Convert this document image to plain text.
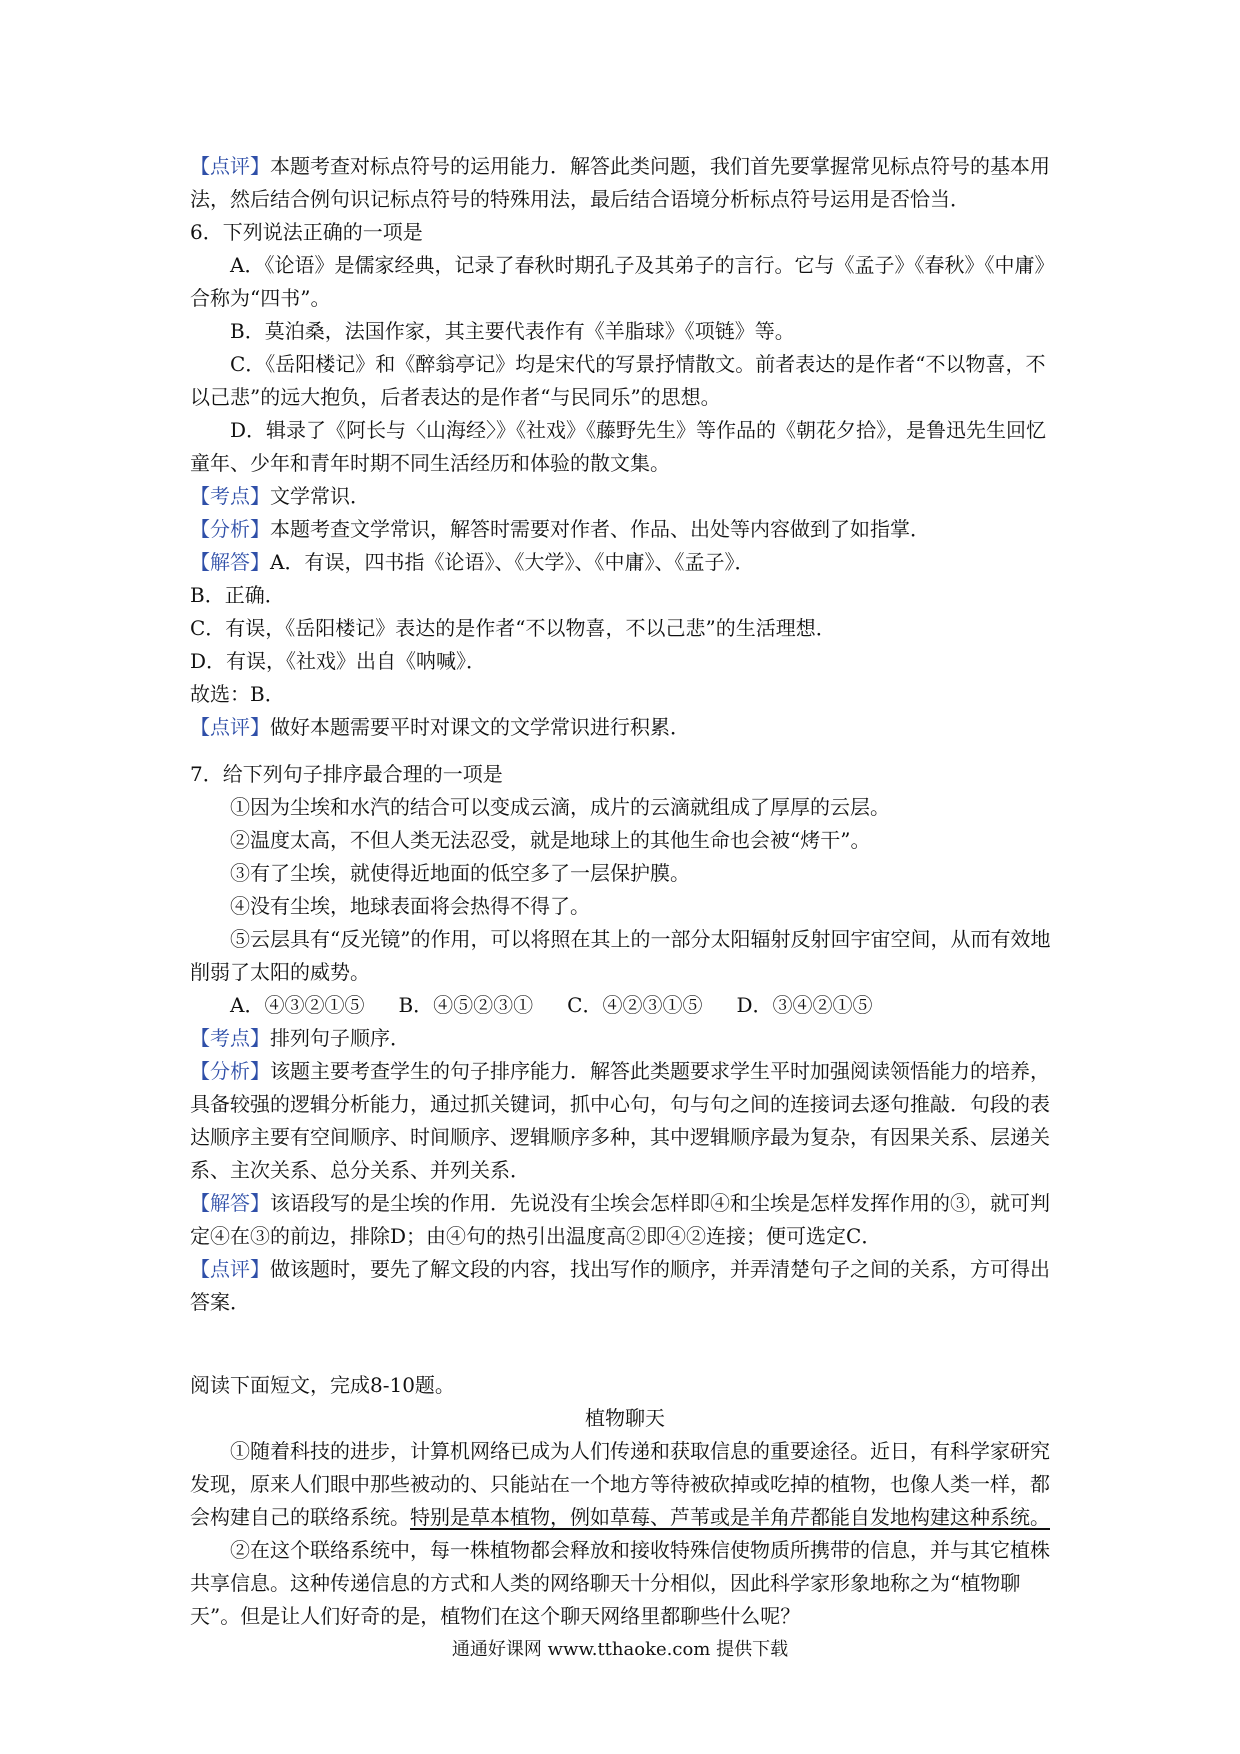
【点评】本题考查对标点符号的运用能力．解答此类问题，我们首先要掌握常见标点符号的基本用法，然后结合例句识记标点符号的特殊用法，最后结合语境分析标点符号运用是否恰当．

6．下列说法正确的一项是

A．《论语》是儒家经典，记录了春秋时期孔子及其弟子的言行。它与《孟子》《春秋》《中庸》合称为“四书”。

B．莫泊桑，法国作家，其主要代表作有《羊脂球》《项链》等。

C．《岳阳楼记》和《醉翁亭记》均是宋代的写景抒情散文。前者表达的是作者“不以物喜，不以己悲”的远大抱负，后者表达的是作者“与民同乐”的思想。

D．辑录了《阿长与〈山海经〉》《社戏》《藤野先生》等作品的《朝花夕拾》，是鲁迅先生回忆童年、少年和青年时期不同生活经历和体验的散文集。

【考点】文学常识．

【分析】本题考查文学常识，解答时需要对作者、作品、出处等内容做到了如指掌．

【解答】A．有误，四书指《论语》、《大学》、《中庸》、《孟子》．

B．正确．

C．有误，《岳阳楼记》表达的是作者“不以物喜，不以己悲”的生活理想．

D．有误，《社戏》出自《呐喊》．

故选：B．

【点评】做好本题需要平时对课文的文学常识进行积累．

7．给下列句子排序最合理的一项是

①因为尘埃和水汽的结合可以变成云滴，成片的云滴就组成了厚厚的云层。

②温度太高，不但人类无法忍受，就是地球上的其他生命也会被“烤干”。

③有了尘埃，就使得近地面的低空多了一层保护膜。

④没有尘埃，地球表面将会热得不得了。

⑤云层具有“反光镜”的作用，可以将照在其上的一部分太阳辐射反射回宇宙空间，从而有效地削弱了太阳的威势。

A．④③②①⑤ B．④⑤②③① C．④②③①⑤ D．③④②①⑤

【考点】排列句子顺序．

【分析】该题主要考查学生的句子排序能力．解答此类题要求学生平时加强阅读领悟能力的培养，具备较强的逻辑分析能力，通过抓关键词，抓中心句，句与句之间的连接词去逐句推敲．句段的表达顺序主要有空间顺序、时间顺序、逻辑顺序多种，其中逻辑顺序最为复杂，有因果关系、层递关系、主次关系、总分关系、并列关系．

【解答】该语段写的是尘埃的作用．先说没有尘埃会怎样即④和尘埃是怎样发挥作用的③，就可判定④在③的前边，排除D；由④句的热引出温度高②即④②连接；便可选定C．

【点评】做该题时，要先了解文段的内容，找出写作的顺序，并弄清楚句子之间的关系，方可得出答案．

阅读下面短文，完成8-10题。

植物聊天

①随着科技的进步，计算机网络已成为人们传递和获取信息的重要途径。近日，有科学家研究发现，原来人们眼中那些被动的、只能站在一个地方等待被砍掉或吃掉的植物，也像人类一样，都会构建自己的联络系统。特别是草本植物，例如草莓、芦苇或是羊角芹都能自发地构建这种系统。

②在这个联络系统中，每一株植物都会释放和接收特殊信使物质所携带的信息，并与其它植株共享信息。这种传递信息的方式和人类的网络聊天十分相似，因此科学家形象地称之为“植物聊天”。但是让人们好奇的是，植物们在这个聊天网络里都聊些什么呢？

通通好课网 www.tthaoke.com 提供下载
